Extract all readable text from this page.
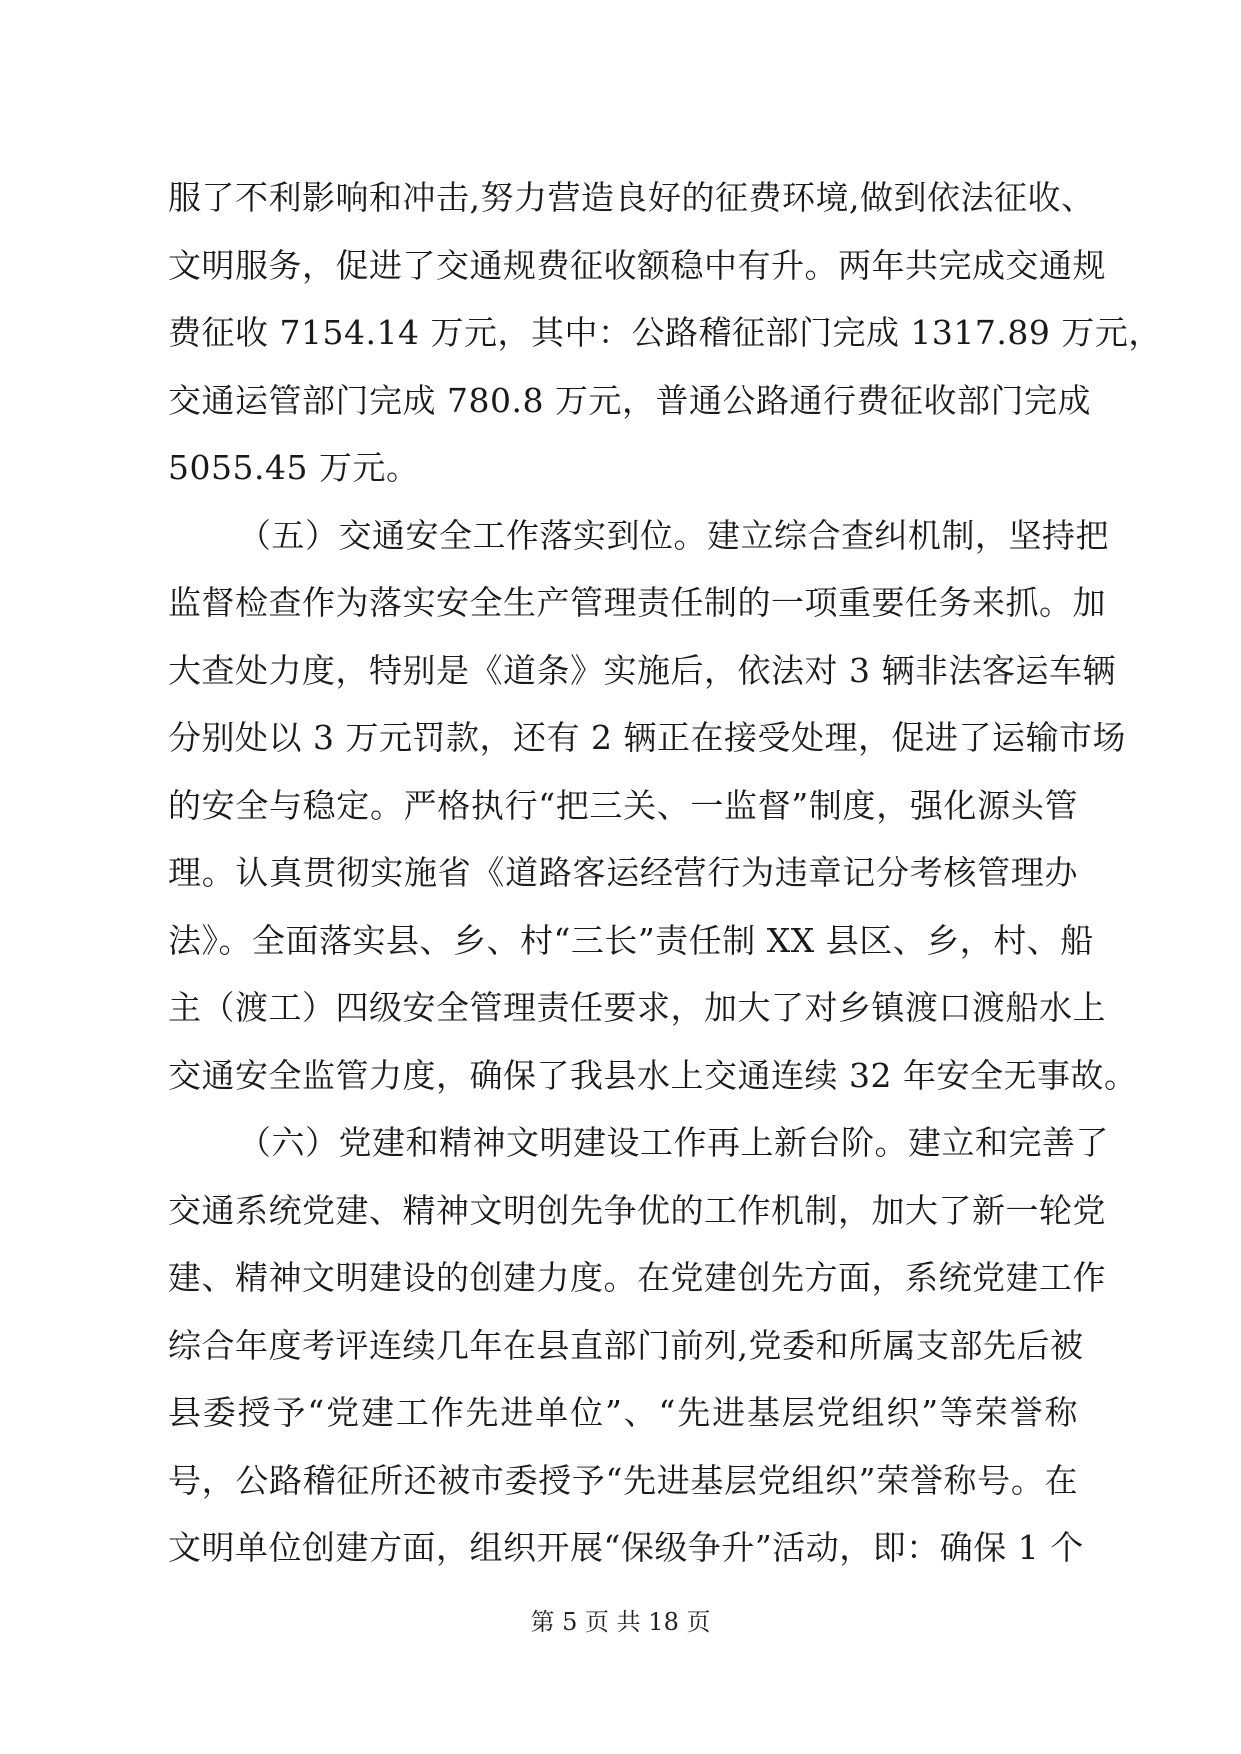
服了不利影响和冲击,努力营造良好的征费环境,做到依法征收、
文明服务，促进了交通规费征收额稳中有升。两年共完成交通规
费征收 7154.14 万元，其中：公路稽征部门完成 1317.89 万元，
交通运管部门完成 780.8 万元，普通公路通行费征收部门完成
5055.45 万元。
（五）交通安全工作落实到位。建立综合查纠机制，坚持把
监督检查作为落实安全生产管理责任制的一项重要任务来抓。加
大查处力度，特别是《道条》实施后，依法对 3 辆非法客运车辆
分别处以 3 万元罚款，还有 2 辆正在接受处理，促进了运输市场
的安全与稳定。严格执行“把三关、一监督”制度，强化源头管
理。认真贯彻实施省《道路客运经营行为违章记分考核管理办
法》。全面落实县、乡、村“三长”责任制 XX 县区、乡，村、船
主（渡工）四级安全管理责任要求，加大了对乡镇渡口渡船水上
交通安全监管力度，确保了我县水上交通连续 32 年安全无事故。
（六）党建和精神文明建设工作再上新台阶。建立和完善了
交通系统党建、精神文明创先争优的工作机制，加大了新一轮党
建、精神文明建设的创建力度。在党建创先方面，系统党建工作
综合年度考评连续几年在县直部门前列,党委和所属支部先后被
县委授予“党建工作先进单位”、“先进基层党组织”等荣誉称
号，公路稽征所还被市委授予“先进基层党组织”荣誉称号。在
文明单位创建方面，组织开展“保级争升”活动，即：确保 1 个
第 5 页 共 18 页
